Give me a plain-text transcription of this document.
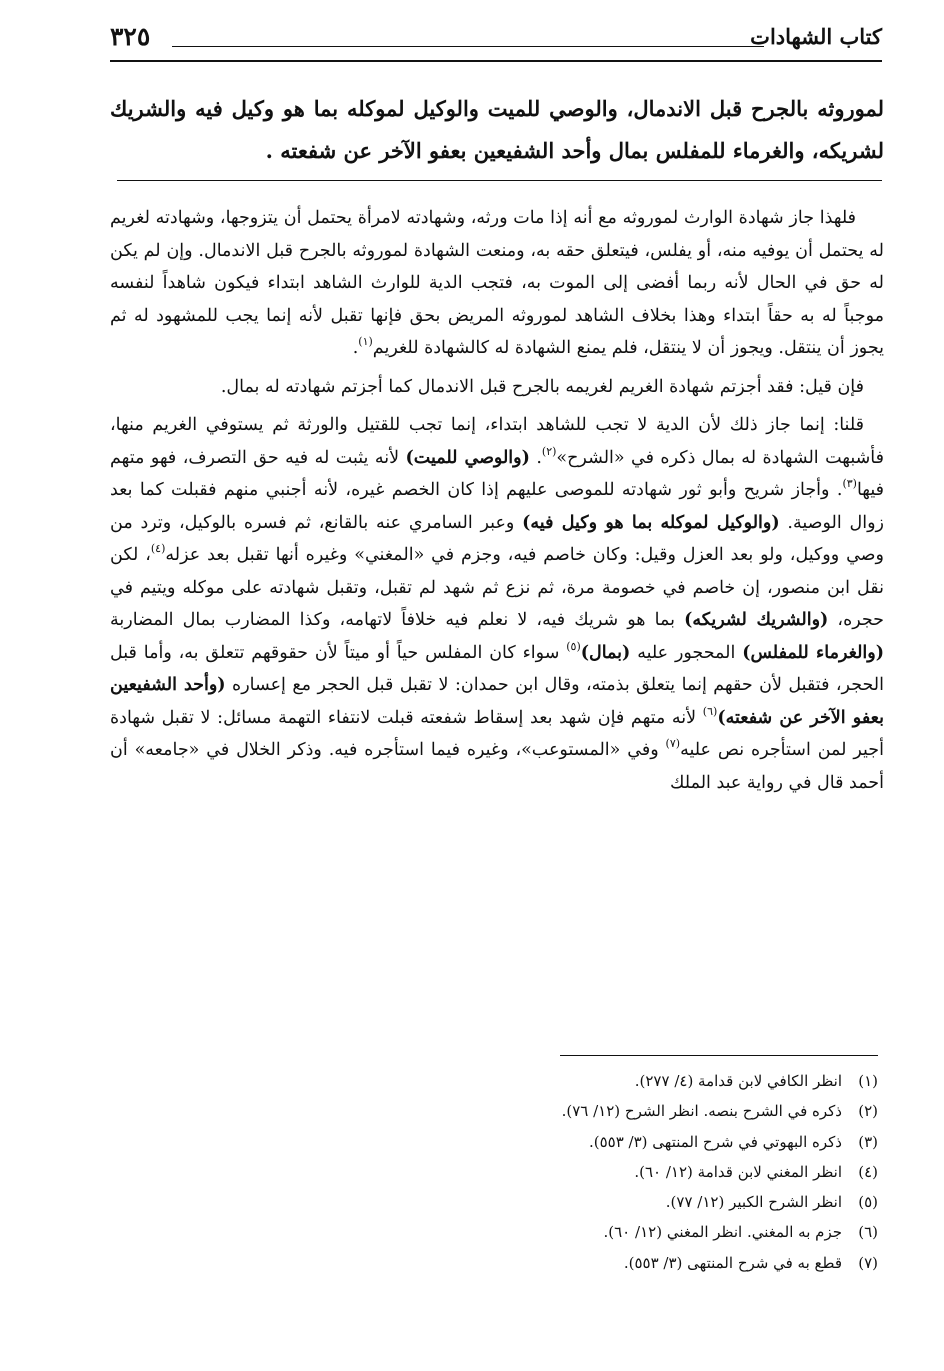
كتاب الشهادات
٣٢٥
لموروثه بالجرح قبل الاندمال، والوصي للميت والوكيل لموكله بما هو وكيل فيه والشريك لشريكه، والغرماء للمفلس بمال وأحد الشفيعين بعفو الآخر عن شفعته .

فلهذا جاز شهادة الوارث لموروثه مع أنه إذا مات ورثه، وشهادته لامرأة يحتمل أن يتزوجها، وشهادته لغريم له يحتمل أن يوفيه منه، أو يفلس، فيتعلق حقه به، ومنعت الشهادة لموروثه بالجرح قبل الاندمال. وإن لم يكن له حق في الحال لأنه ربما أفضى إلى الموت به، فتجب الدية للوارث الشاهد ابتداء فيكون شاهداً لنفسه موجباً له به حقاً ابتداء وهذا بخلاف الشاهد لموروثه المريض بحق فإنها تقبل لأنه إنما يجب للمشهود له ثم يجوز أن ينتقل. ويجوز أن لا ينتقل، فلم يمنع الشهادة له كالشهادة للغريم$^{(١)}$.

فإن قيل: فقد أجزتم شهادة الغريم لغريمه بالجرح قبل الاندمال كما أجزتم شهادته له بمال.

قلنا: إنما جاز ذلك لأن الدية لا تجب للشاهد ابتداء، إنما تجب للقتيل والورثة ثم يستوفي الغريم منها، فأشبهت الشهادة له بمال ذكره في «الشرح»$^{(٢)}$. (والوصي للميت) لأنه يثبت له فيه حق التصرف، فهو متهم فيها$^{(٣)}$. وأجاز شريح وأبو ثور شهادته للموصى عليهم إذا كان الخصم غيره، لأنه أجنبي منهم فقبلت كما بعد زوال الوصية. (والوكيل لموكله بما هو وكيل فيه) وعبر السامري عنه بالقانع، ثم فسره بالوكيل، وترد من وصي ووكيل، ولو بعد العزل وقيل: وكان خاصم فيه، وجزم في «المغني» وغيره أنها تقبل بعد عزله$^{(٤)}$، لكن نقل ابن منصور، إن خاصم في خصومة مرة، ثم نزع ثم شهد لم تقبل، وتقبل شهادته على موكله ويتيم في حجره، (والشريك لشريكه) بما هو شريك فيه، لا نعلم فيه خلافاً لاتهامه، وكذا المضارب بمال المضاربة (والغرماء للمفلس) المحجور عليه (بمال)$^{(٥)}$ سواء كان المفلس حياً أو ميتاً لأن حقوقهم تتعلق به، وأما قبل الحجر، فتقبل لأن حقهم إنما يتعلق بذمته، وقال ابن حمدان: لا تقبل قبل الحجر مع إعساره (وأحد الشفيعين بعفو الآخر عن شفعته)$^{(٦)}$ لأنه متهم فإن شهد بعد إسقاط شفعته قبلت لانتفاء التهمة مسائل: لا تقبل شهادة أجير لمن استأجره نص عليه$^{(٧)}$ وفي «المستوعب»، وغيره فيما استأجره فيه. وذكر الخلال في «جامعه» أن أحمد قال في رواية عبد الملك

(١)
انظر الكافي لابن قدامة (٤/ ٢٧٧).
(٢)
ذكره في الشرح بنصه. انظر الشرح (١٢/ ٧٦).
(٣)
ذكره البهوتي في شرح المنتهى (٣/ ٥٥٣).
(٤)
انظر المغني لابن قدامة (١٢/ ٦٠).
(٥)
انظر الشرح الكبير (١٢/ ٧٧).
(٦)
جزم به المغني. انظر المغني (١٢/ ٦٠).
(٧)
قطع به في شرح المنتهى (٣/ ٥٥٣).
